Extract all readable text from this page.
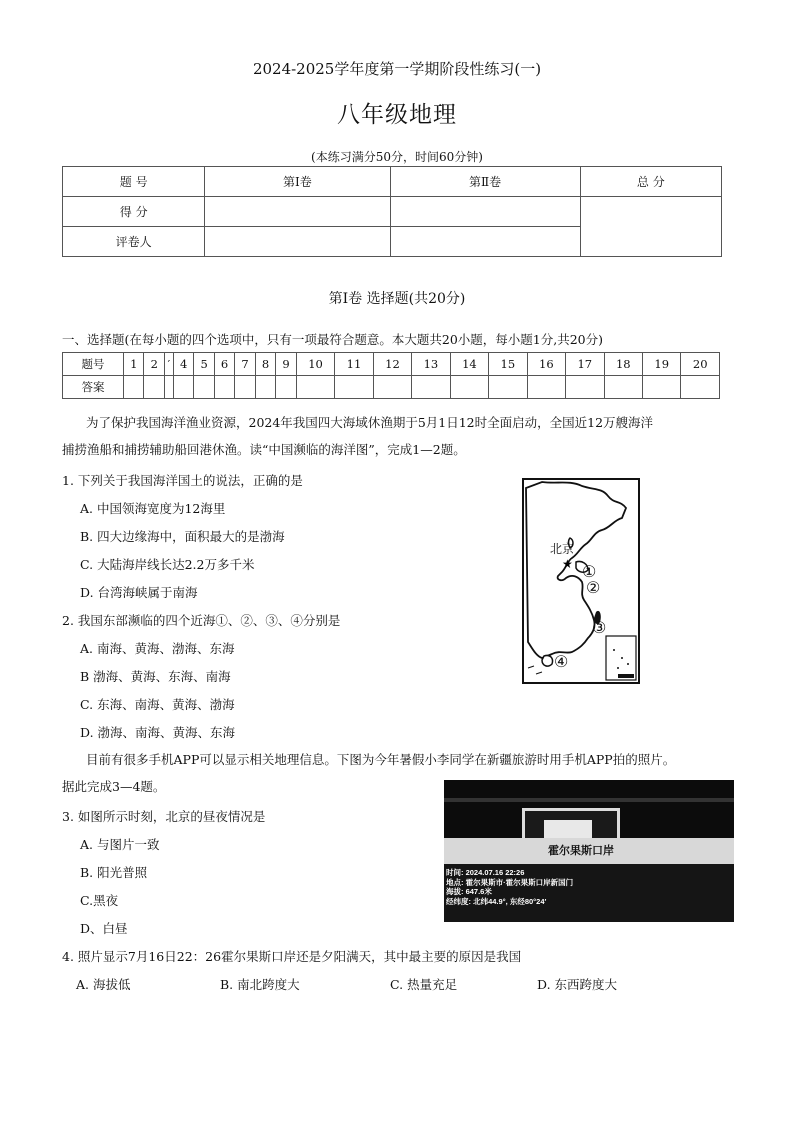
2024-2025学年度第一学期阶段性练习(一)
八年级地理
(本练习满分50分，时间60分钟)
题 号	第Ⅰ卷	第Ⅱ卷	总 分
得 分			
评卷人			
第Ⅰ卷 选择题(共20分)
一、选择题(在每小题的四个选项中，只有一项最符合题意。本大题共20小题，每小题1分,共20分)
题号	1	2	′	4	5	6	7	8	9	10	11	12	13	14	15	16	17	18	19	20
答案																				
为了保护我国海洋渔业资源，2024年我国四大海域休渔期于5月1日12时全面启动，全国近12万艘海洋
捕捞渔船和捕捞辅助船回港休渔。读“中国濒临的海洋图”，完成1—2题。
1. 下列关于我国海洋国土的说法，正确的是
A. 中国领海宽度为12海里
B. 四大边缘海中，面积最大的是渤海
C. 大陆海岸线长达2.2万多千米
D. 台湾海峡属于南海
2. 我国东部濒临的四个近海①、②、③、④分别是
A. 南海、黄海、渤海、东海
B 渤海、黄海、东海、南海
C. 东海、南海、黄海、渤海
D. 渤海、南海、黄海、东海
★
北京
①
②
③
④
目前有很多手机APP可以显示相关地理信息。下图为今年暑假小李同学在新疆旅游时用手机APP拍的照片。
据此完成3—4题。
霍尔果斯口岸
时间: 2024.07.16 22:26
地点: 霍尔果斯市·霍尔果斯口岸新国门
海拔: 647.6米
经纬度: 北纬44.9°, 东经80°24′
3. 如图所示时刻，北京的昼夜情况是
A. 与图片一致
B. 阳光普照
C.黑夜
D、白昼
4. 照片显示7月16日22：26霍尔果斯口岸还是夕阳满天，其中最主要的原因是我国
A. 海拔低	B. 南北跨度大	C. 热量充足	D. 东西跨度大
